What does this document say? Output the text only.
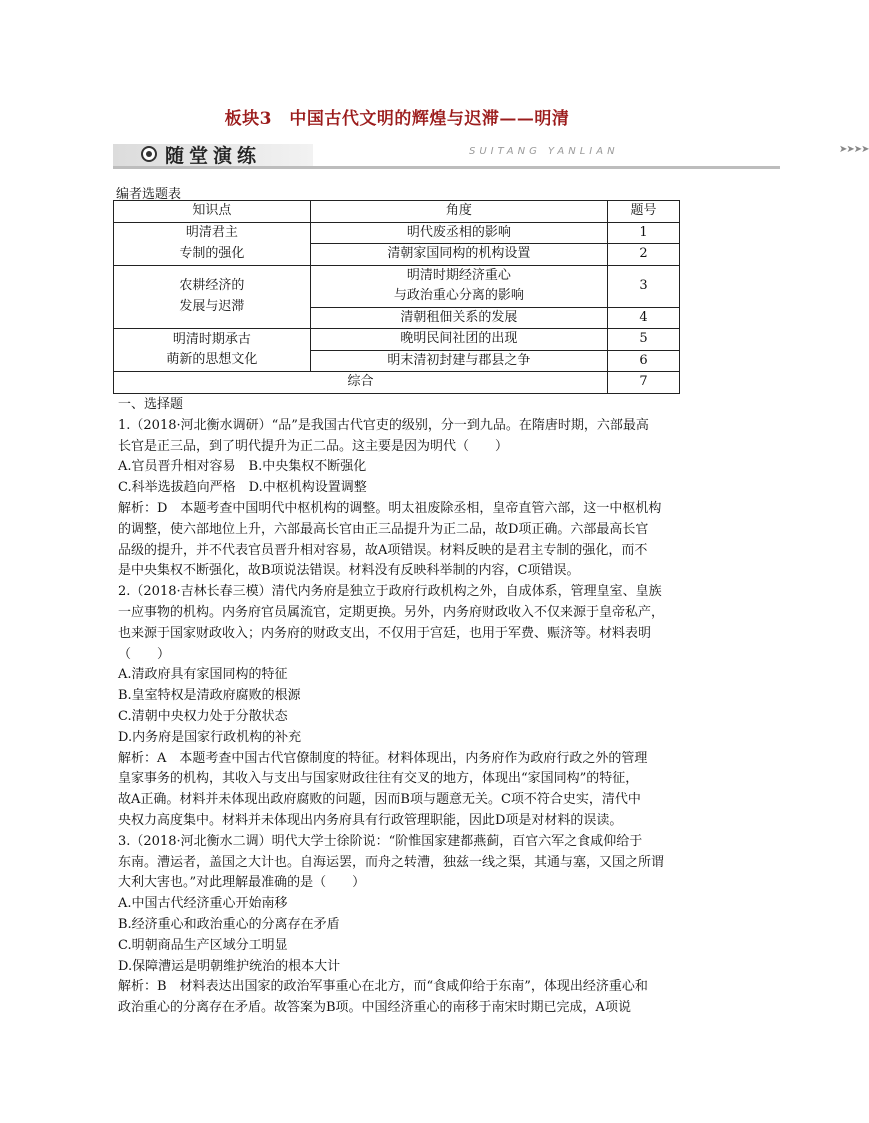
板块3　中国古代文明的辉煌与迟滞——明清
随堂演练	SUITANG YANLIAN	➤➤➤➤
编者选题表
知识点	角度	题号
明清君主
专制的强化	明代废丞相的影响	1
	清朝家国同构的机构设置	2
农耕经济的
发展与迟滞	明清时期经济重心
与政治重心分离的影响	3
	清朝租佃关系的发展	4
明清时期承古
萌新的思想文化	晚明民间社团的出现	5
	明末清初封建与郡县之争	6
综合		7

一、选择题

1.（2018·河北衡水调研）“品”是我国古代官吏的级别，分一到九品。在隋唐时期，六部最高

长官是正三品，到了明代提升为正二品。这主要是因为明代（　　）

A.官员晋升相对容易　B.中央集权不断强化

C.科举选拔趋向严格　D.中枢机构设置调整

解析：D　本题考查中国明代中枢机构的调整。明太祖废除丞相，皇帝直管六部，这一中枢机构

的调整，使六部地位上升，六部最高长官由正三品提升为正二品，故D项正确。六部最高长官

品级的提升，并不代表官员晋升相对容易，故A项错误。材料反映的是君主专制的强化，而不

是中央集权不断强化，故B项说法错误。材料没有反映科举制的内容，C项错误。

2.（2018·吉林长春三模）清代内务府是独立于政府行政机构之外，自成体系，管理皇室、皇族

一应事物的机构。内务府官员属流官，定期更换。另外，内务府财政收入不仅来源于皇帝私产，

也来源于国家财政收入；内务府的财政支出，不仅用于宫廷，也用于军费、赈济等。材料表明

（　　）

A.清政府具有家国同构的特征

B.皇室特权是清政府腐败的根源

C.清朝中央权力处于分散状态

D.内务府是国家行政机构的补充

解析：A　本题考查中国古代官僚制度的特征。材料体现出，内务府作为政府行政之外的管理

皇家事务的机构，其收入与支出与国家财政往往有交叉的地方，体现出“家国同构”的特征，

故A正确。材料并未体现出政府腐败的问题，因而B项与题意无关。C项不符合史实，清代中

央权力高度集中。材料并未体现出内务府具有行政管理职能，因此D项是对材料的误读。

3.（2018·河北衡水二调）明代大学士徐阶说：“阶惟国家建都燕蓟，百官六军之食咸仰给于

东南。漕运者，盖国之大计也。自海运罢，而舟之转漕，独兹一线之渠，其通与塞，又国之所谓

大利大害也。”对此理解最准确的是（　　）

A.中国古代经济重心开始南移

B.经济重心和政治重心的分离存在矛盾

C.明朝商品生产区域分工明显

D.保障漕运是明朝维护统治的根本大计

解析：B　材料表达出国家的政治军事重心在北方，而“食咸仰给于东南”，体现出经济重心和

政治重心的分离存在矛盾。故答案为B项。中国经济重心的南移于南宋时期已完成，A项说
